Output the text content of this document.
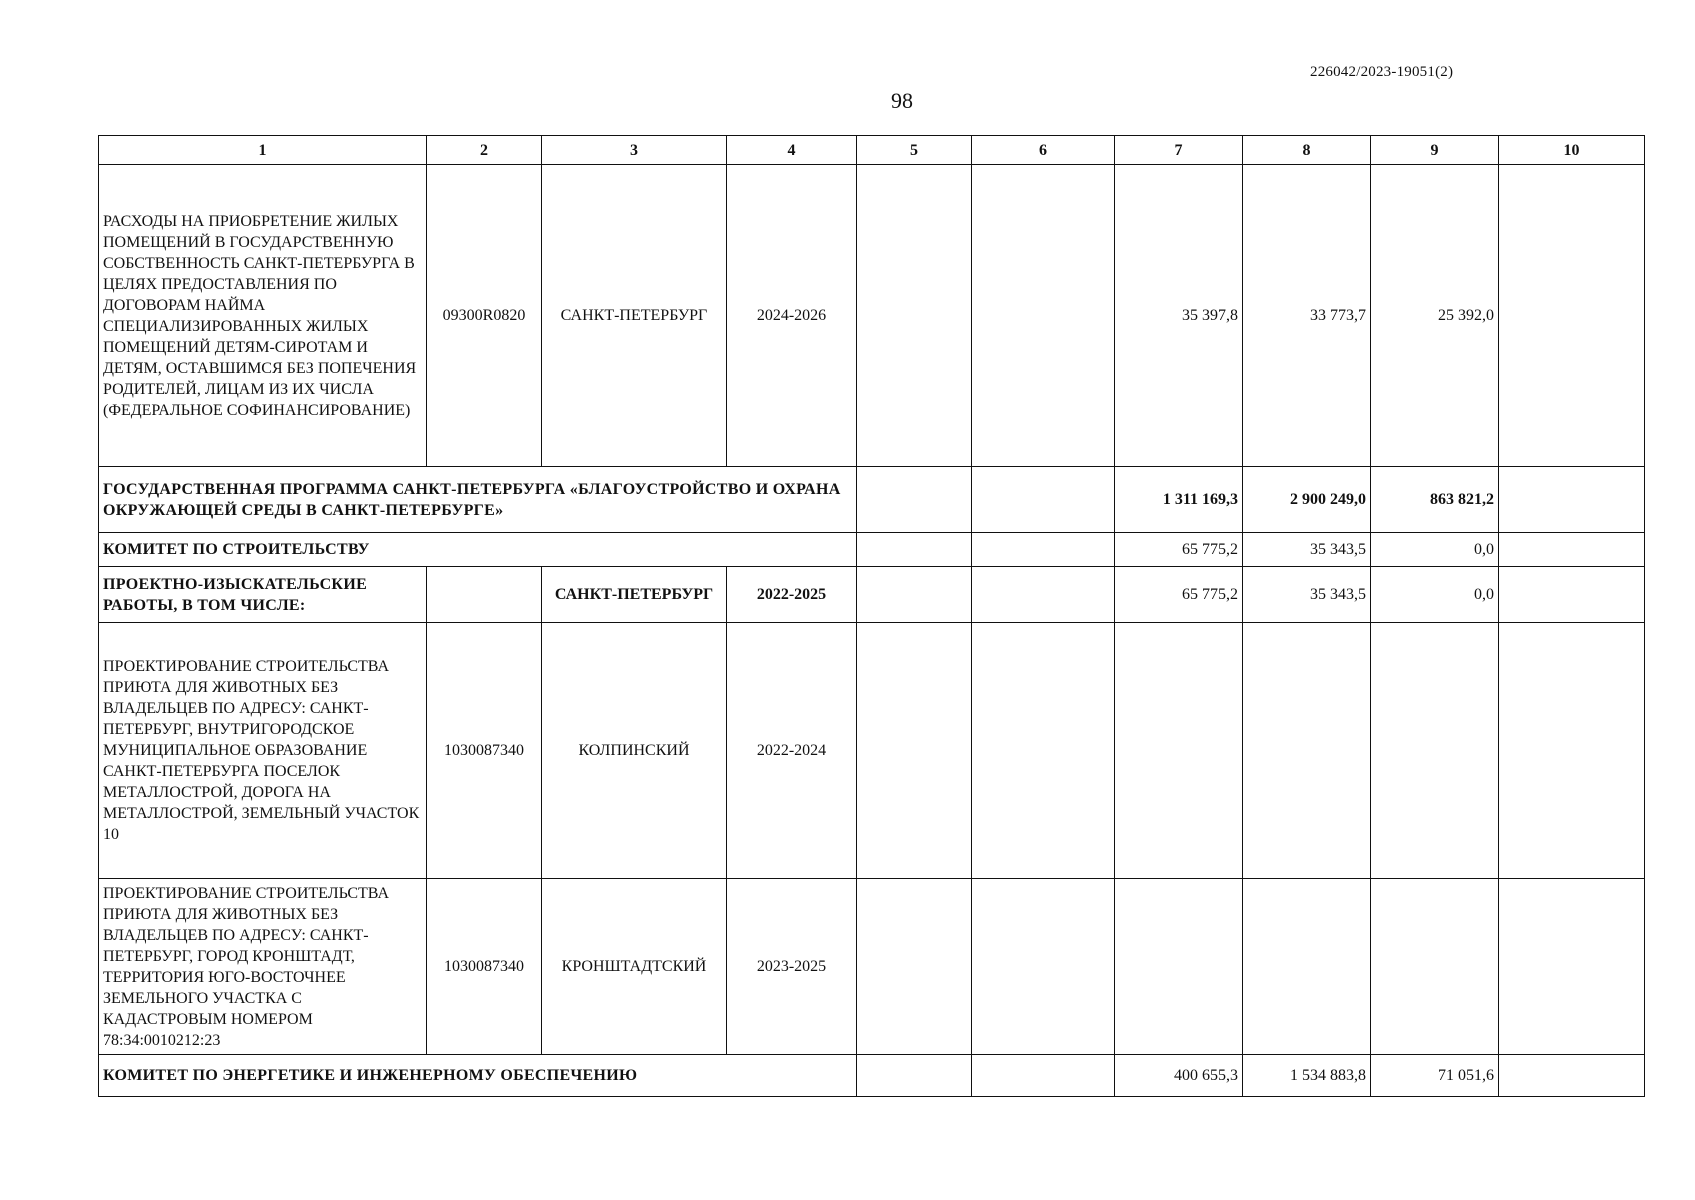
226042/2023-19051(2)
98
1	2	3	4	5	6	7	8	9	10
РАСХОДЫ НА ПРИОБРЕТЕНИЕ ЖИЛЫХ ПОМЕЩЕНИЙ В ГОСУДАРСТВЕННУЮ СОБСТВЕННОСТЬ САНКТ-ПЕТЕРБУРГА В ЦЕЛЯХ ПРЕДОСТАВЛЕНИЯ ПО ДОГОВОРАМ НАЙМА СПЕЦИАЛИЗИРОВАННЫХ ЖИЛЫХ ПОМЕЩЕНИЙ ДЕТЯМ-СИРОТАМ И ДЕТЯМ, ОСТАВШИМСЯ БЕЗ ПОПЕЧЕНИЯ РОДИТЕЛЕЙ, ЛИЦАМ ИЗ ИХ ЧИСЛА (ФЕДЕРАЛЬНОЕ СОФИНАНСИРОВАНИЕ)	09300R0820	САНКТ-ПЕТЕРБУРГ	2024-2026			35 397,8	33 773,7	25 392,0	
ГОСУДАРСТВЕННАЯ ПРОГРАММА САНКТ-ПЕТЕРБУРГА «БЛАГОУСТРОЙСТВО И ОХРАНА ОКРУЖАЮЩЕЙ СРЕДЫ В САНКТ-ПЕТЕРБУРГЕ»						1 311 169,3	2 900 249,0	863 821,2	
КОМИТЕТ ПО СТРОИТЕЛЬСТВУ						65 775,2	35 343,5	0,0	
ПРОЕКТНО-ИЗЫСКАТЕЛЬСКИЕ РАБОТЫ, В ТОМ ЧИСЛЕ:		САНКТ-ПЕТЕРБУРГ	2022-2025			65 775,2	35 343,5	0,0	
ПРОЕКТИРОВАНИЕ СТРОИТЕЛЬСТВА ПРИЮТА ДЛЯ ЖИВОТНЫХ БЕЗ ВЛАДЕЛЬЦЕВ ПО АДРЕСУ: САНКТ-ПЕТЕРБУРГ, ВНУТРИГОРОДСКОЕ МУНИЦИПАЛЬНОЕ ОБРАЗОВАНИЕ САНКТ-ПЕТЕРБУРГА ПОСЕЛОК МЕТАЛЛОСТРОЙ, ДОРОГА НА МЕТАЛЛОСТРОЙ, ЗЕМЕЛЬНЫЙ УЧАСТОК 10	1030087340	КОЛПИНСКИЙ	2022-2024						
ПРОЕКТИРОВАНИЕ СТРОИТЕЛЬСТВА ПРИЮТА ДЛЯ ЖИВОТНЫХ БЕЗ ВЛАДЕЛЬЦЕВ ПО АДРЕСУ: САНКТ-ПЕТЕРБУРГ, ГОРОД КРОНШТАДТ, ТЕРРИТОРИЯ ЮГО-ВОСТОЧНЕЕ ЗЕМЕЛЬНОГО УЧАСТКА С КАДАСТРОВЫМ НОМЕРОМ 78:34:0010212:23	1030087340	КРОНШТАДТСКИЙ	2023-2025						
КОМИТЕТ ПО ЭНЕРГЕТИКЕ И ИНЖЕНЕРНОМУ ОБЕСПЕЧЕНИЮ						400 655,3	1 534 883,8	71 051,6	
